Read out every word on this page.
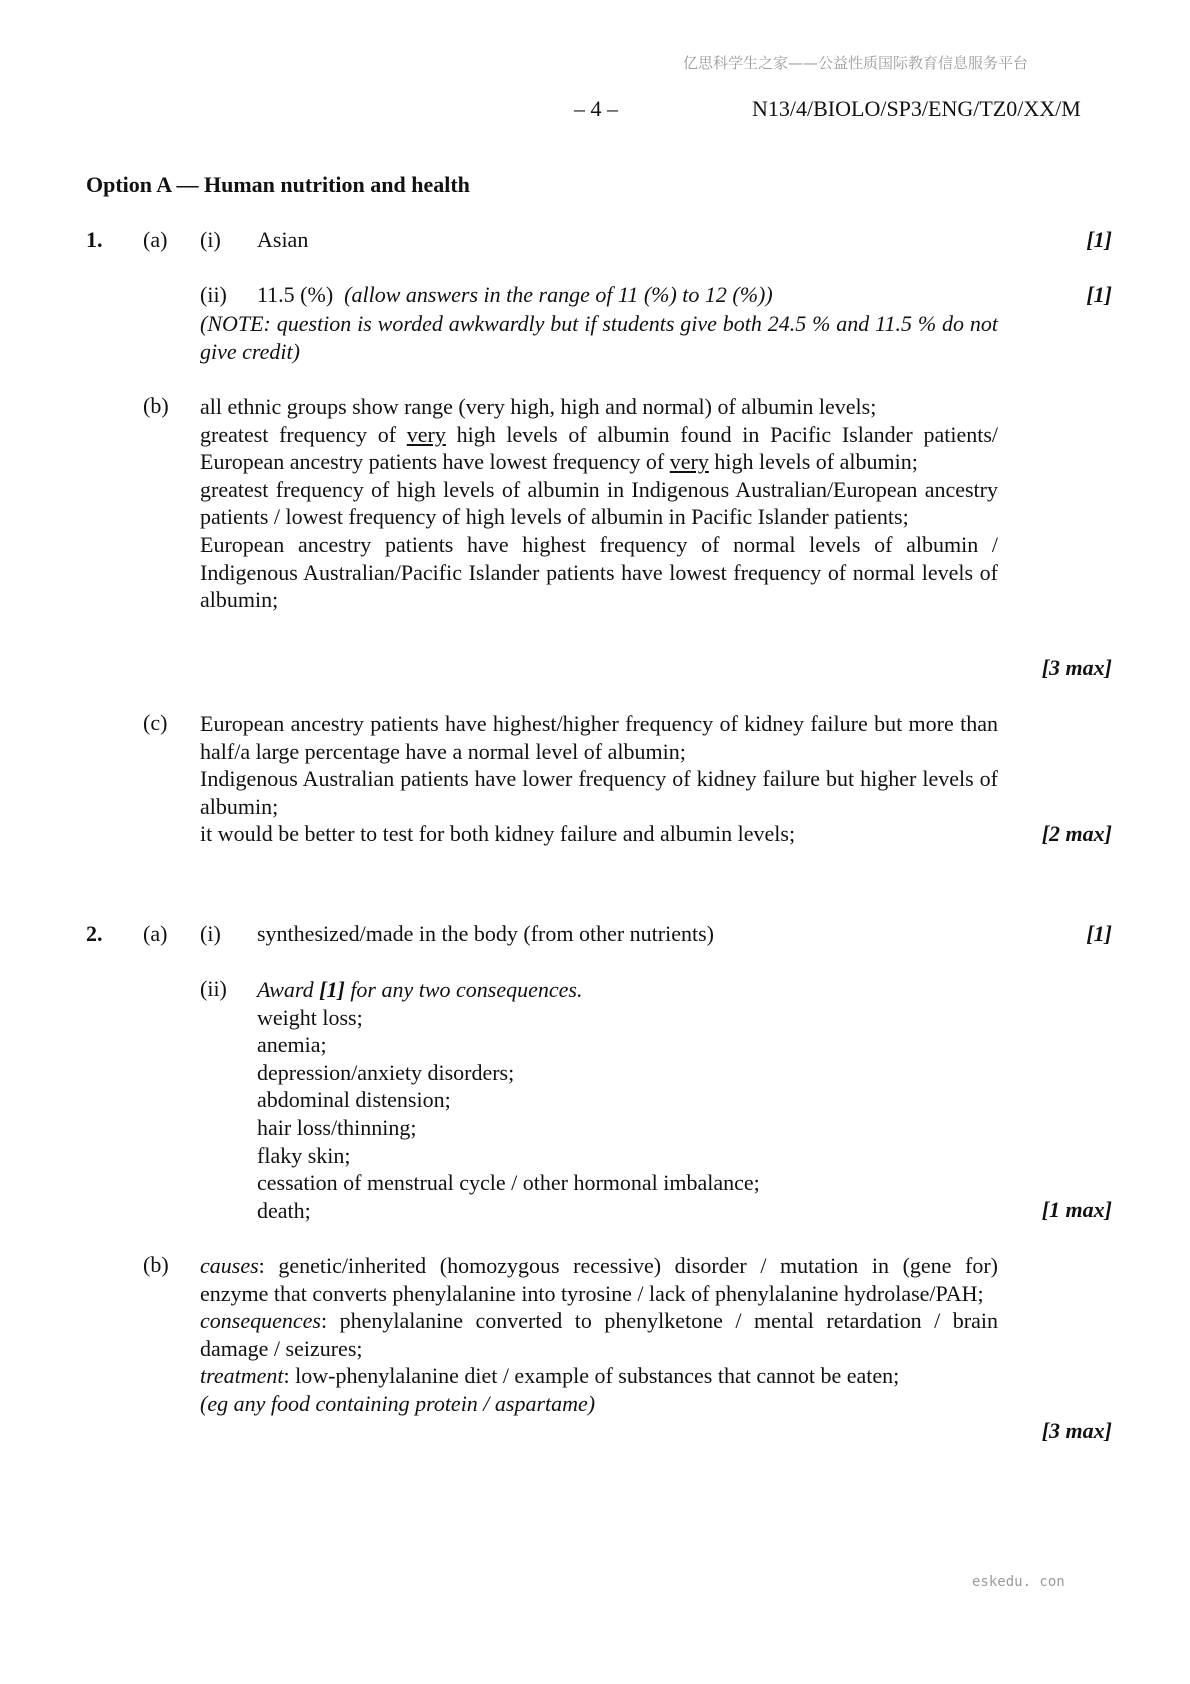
亿思科学生之家——公益性质国际教育信息服务平台
– 4 –	N13/4/BIOLO/SP3/ENG/TZ0/XX/M
Option A — Human nutrition and health
1. (a) (i) Asian	[1]
(ii) 11.5 (%) (allow answers in the range of 11 (%) to 12 (%))	[1]
(NOTE: question is worded awkwardly but if students give both 24.5 % and 11.5 % do not give credit)
(b) all ethnic groups show range (very high, high and normal) of albumin levels;

greatest frequency of very high levels of albumin found in Pacific Islander patients/ European ancestry patients have lowest frequency of very high levels of albumin;

greatest frequency of high levels of albumin in Indigenous Australian/European ancestry patients / lowest frequency of high levels of albumin in Pacific Islander patients;

European ancestry patients have highest frequency of normal levels of albumin / Indigenous Australian/Pacific Islander patients have lowest frequency of normal levels of albumin;

[3 max]
(c) European ancestry patients have highest/higher frequency of kidney failure but more than half/a large percentage have a normal level of albumin;

Indigenous Australian patients have lower frequency of kidney failure but higher levels of albumin;

it would be better to test for both kidney failure and albumin levels;	[2 max]
2. (a) (i) synthesized/made in the body (from other nutrients)	[1]
(ii) Award [1] for any two consequences.
weight loss;
anemia;
depression/anxiety disorders;
abdominal distension;
hair loss/thinning;
flaky skin;
cessation of menstrual cycle / other hormonal imbalance;
death;	[1 max]
(b) causes: genetic/inherited (homozygous recessive) disorder / mutation in (gene for) enzyme that converts phenylalanine into tyrosine / lack of phenylalanine hydrolase/PAH;

consequences: phenylalanine converted to phenylketone / mental retardation / brain damage / seizures;

treatment: low-phenylalanine diet / example of substances that cannot be eaten;

(eg any food containing protein / aspartame)

[3 max]
eskedu. con
